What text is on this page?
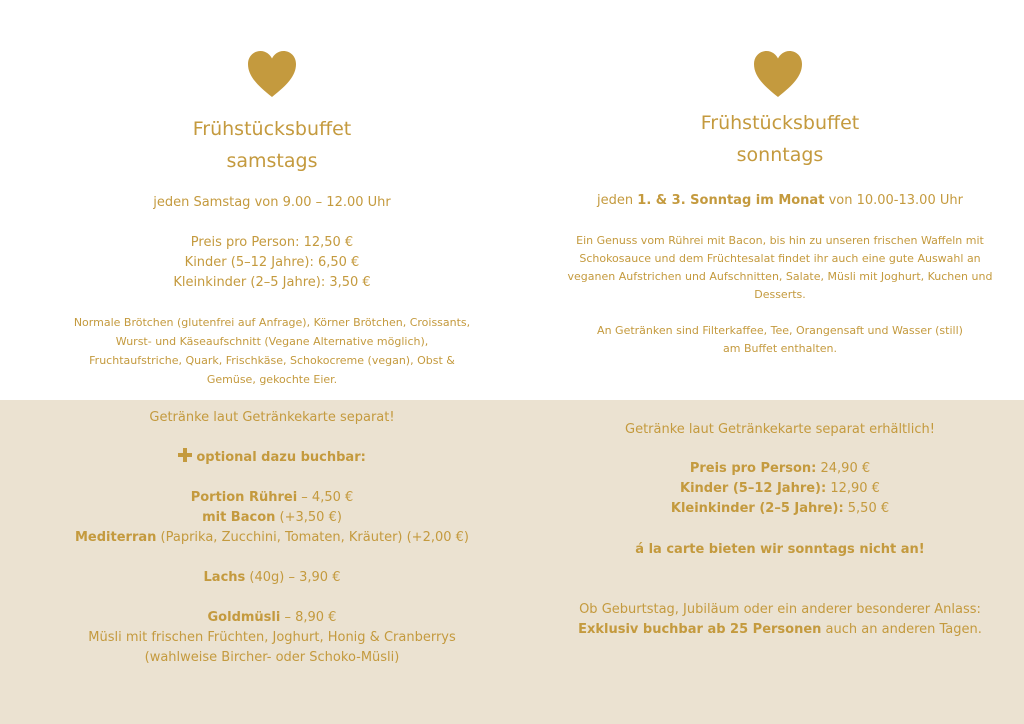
Frühstücksbuffet
samstags
jeden Samstag von 9.00 – 12.00 Uhr
Preis pro Person: 12,50 €
Kinder (5–12 Jahre): 6,50 €
Kleinkinder (2–5 Jahre): 3,50 €
Normale Brötchen (glutenfrei auf Anfrage), Körner Brötchen, Croissants,
Wurst- und Käseaufschnitt (Vegane Alternative möglich),
Fruchtaufstriche, Quark, Frischkäse, Schokocreme (vegan), Obst &
Gemüse, gekochte Eier.
Getränke laut Getränkekarte separat!
optional dazu buchbar:
Portion Rührei – 4,50 €
mit Bacon (+3,50 €)
Mediterran (Paprika, Zucchini, Tomaten, Kräuter) (+2,00 €)
Lachs (40g) – 3,90 €
Goldmüsli – 8,90 €
Müsli mit frischen Früchten, Joghurt, Honig & Cranberrys
(wahlweise Bircher- oder Schoko-Müsli)
Frühstücksbuffet
sonntags
jeden 1. & 3. Sonntag im Monat von 10.00-13.00 Uhr
Ein Genuss vom Rührei mit Bacon, bis hin zu unseren frischen Waffeln mit
Schokosauce und dem Früchtesalat findet ihr auch eine gute Auswahl an
veganen Aufstrichen und Aufschnitten, Salate, Müsli mit Joghurt, Kuchen und
Desserts.
An Getränken sind Filterkaffee, Tee, Orangensaft und Wasser (still)
am Buffet enthalten.
Getränke laut Getränkekarte separat erhältlich!
Preis pro Person: 24,90 €
Kinder (5–12 Jahre): 12,90 €
Kleinkinder (2–5 Jahre): 5,50 €
á la carte bieten wir sonntags nicht an!
Ob Geburtstag, Jubiläum oder ein anderer besonderer Anlass:
Exklusiv buchbar ab 25 Personen auch an anderen Tagen.
